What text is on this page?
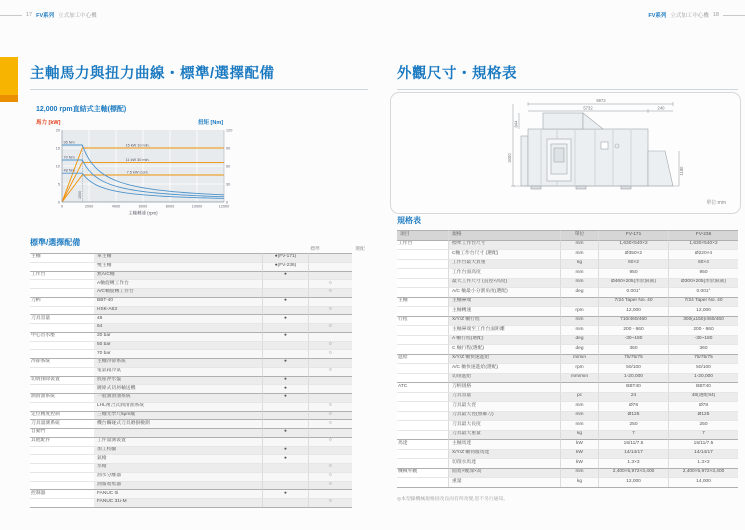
17 FV系列 立式加工中心機	FV系列 立式加工中心機 18
主軸馬力與扭力曲線・標準/選擇配備	外觀尺寸・規格表
12,000 rpm直結式主軸(標配)
馬力 [kW]	扭矩 [Nm]
1500
15 kW 10 min.
11 kW 30 min.
7.5 kW Cont.
95 Nm
70 Nm
48 Nm
0
5
10
15
20
0
30
60
90
120
0	2000	4000	6000	8000	10000	12000
主軸轉速 (rpm)
標準/選擇配備
標準	選配
主軸	單主軸	●(FV-171)
雙主軸	●(FV-236)
工作台	無A/C軸	●
A軸旋轉工作台	○
A/C軸旋轉工作台	○
刀柄	BBT-40	●
HSK-A63	○
刀具容量	48	●
64	○
中心出水壓	20 bar	●
50 bar	○
70 bar	○
冷卻系統	主軸冷卻系統	●
電氣箱冷氣	○
切屑排除裝置	底座沖水盤	●
鏈條式切屑輸送機	●
潤滑油系統	一般潤滑油系統	●
LHL複合式潤滑油系統	○
定位精度控制	三軸光學尺5μm級	○
刀具量測系統	機台觸碰式刀具磨損檢測	○
自動門	●
其他配件	工件量測裝置	○
加工校驗	●
氣槍	●
水槍	○
油水分離器	○
油霧收集器	○
控制器	FANUC 0i	●
FANUC 31i-M	○
5972
5732	240
3400
844
1180
單位:mm
規格表
項目	規格	單位	FV-171	FV-236
工作台	標準工作台尺寸	mm	1,630×540×2	1,630×540×2
C軸工作台尺寸 (選配)	mm	Ø350×2	Ø220×4
工作台最大負重	kg	60×2	60×4
工作台面高度	mm	950	950
最大工件尺寸 (直徑×高度)	mm	Ø460×205(形狀限制)	Ø300×205(形狀限制)
A/C 軸最小分割角度(選配)	deg	0.001°	0.001°
主軸	主軸鼻端	7/24 Taper No. 40	7/24 Taper No. 40
主軸轉速	rpm	12,000	12,000
行程	X/Y/Z 軸行程	mm	710/460/460	300(±150)/460/460
主軸鼻端至工作台面距離	mm	200 - 660	200 - 660
A 軸行程(選配)	deg	-30~180	-30~180
C 軸行程(選配)	deg	360	360
進給	X/Y/Z 軸快速進給	m/min	75/75/75	75/75/75
A/C 軸快速進給(選配)	rpm	50/100	50/100
切削進給	mm/min	1-20,000	1-20,000
ATC	刀柄規格	BBT40	BBT40
刀具容量	pc	24	48(選配94)
刀具最大徑	mm	Ø78	Ø78
刀具最大徑(無鄰刀)	mm	Ø125	Ø125
刀具最大長度	mm	250	250
刀具最大重量	kg	7	7
馬達	主軸馬達	kW	15/11/7.5	15/11/7.5
X/Y/Z 軸伺服馬達	kW	14/14/17	14/14/17
切削水馬達	kW	1.3×3	1.3×3
機械外觀	面寬×縱深×高	mm	2,400×5,972×3,400	2,400×5,972×3,400
重量	kg	12,000	14,000
◎本型錄機械規格因改良而有所改變,恕不另行通知。
